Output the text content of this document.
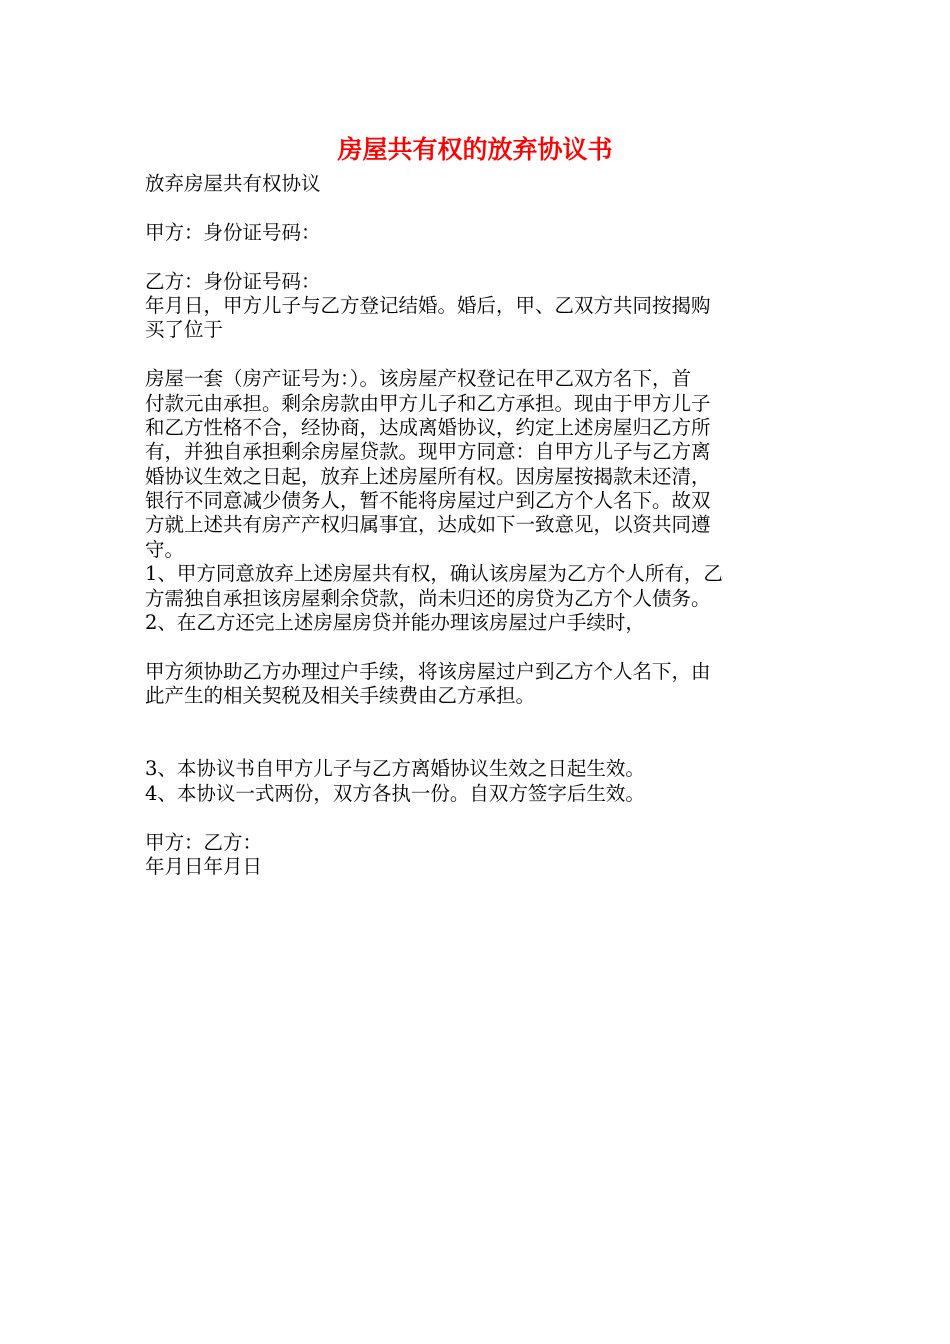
房屋共有权的放弃协议书
放弃房屋共有权协议
甲方：身份证号码：
乙方：身份证号码：
年月日，甲方儿子与乙方登记结婚。婚后，甲、乙双方共同按揭购
买了位于
房屋一套（房产证号为：）。该房屋产权登记在甲乙双方名下，首
付款元由承担。剩余房款由甲方儿子和乙方承担。现由于甲方儿子
和乙方性格不合，经协商，达成离婚协议，约定上述房屋归乙方所
有，并独自承担剩余房屋贷款。现甲方同意：自甲方儿子与乙方离
婚协议生效之日起，放弃上述房屋所有权。因房屋按揭款未还清，
银行不同意减少债务人，暂不能将房屋过户到乙方个人名下。故双
方就上述共有房产产权归属事宜，达成如下一致意见，以资共同遵
守。
1、甲方同意放弃上述房屋共有权，确认该房屋为乙方个人所有，乙
方需独自承担该房屋剩余贷款，尚未归还的房贷为乙方个人债务。
2、在乙方还完上述房屋房贷并能办理该房屋过户手续时，
甲方须协助乙方办理过户手续，将该房屋过户到乙方个人名下，由
此产生的相关契税及相关手续费由乙方承担。
3、本协议书自甲方儿子与乙方离婚协议生效之日起生效。
4、本协议一式两份，双方各执一份。自双方签字后生效。
甲方：乙方：
年月日年月日
